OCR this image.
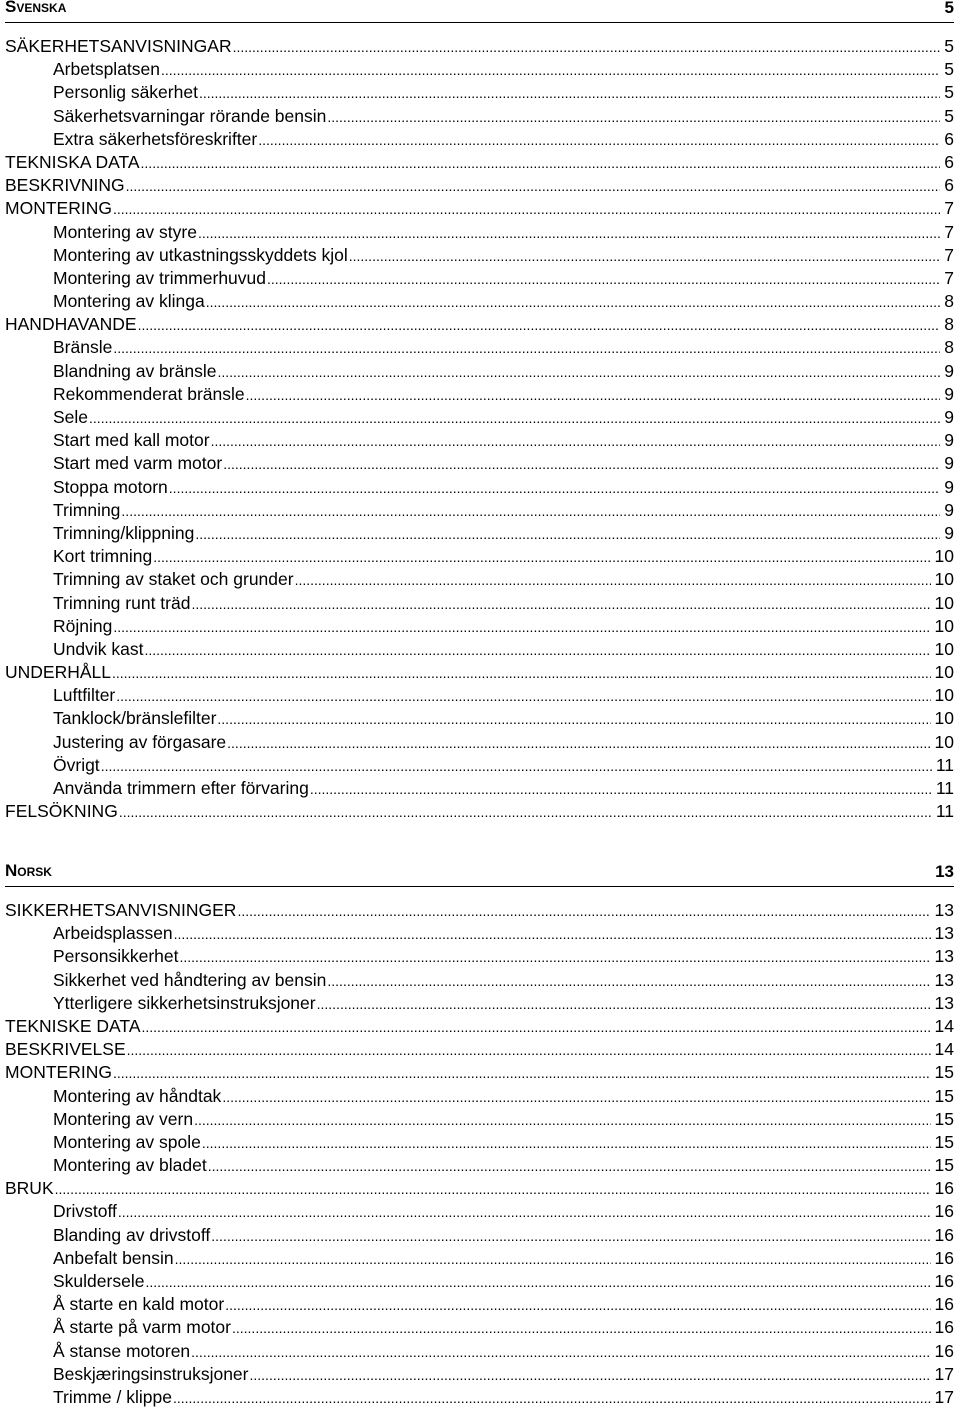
Svenska	5
SÄKERHETSANVISNINGAR .....	5
Arbetsplatsen .....	5
Personlig säkerhet .....	5
Säkerhetsvarningar rörande bensin .....	5
Extra säkerhetsföreskrifter .....	6
TEKNISKA DATA .....	6
BESKRIVNING .....	6
MONTERING .....	7
Montering av styre .....	7
Montering av utkastningsskyddets kjol .....	7
Montering av trimmerhuvud .....	7
Montering av klinga .....	8
HANDHAVANDE .....	8
Bränsle .....	8
Blandning av bränsle .....	9
Rekommenderat bränsle .....	9
Sele .....	9
Start med kall motor .....	9
Start med varm motor .....	9
Stoppa motorn .....	9
Trimning .....	9
Trimning/klippning .....	9
Kort trimning .....	10
Trimning av staket och grunder .....	10
Trimning runt träd .....	10
Röjning .....	10
Undvik kast .....	10
UNDERHÅLL .....	10
Luftfilter .....	10
Tanklock/bränslefilter .....	10
Justering av förgasare .....	10
Övrigt .....	11
Använda trimmern efter förvaring .....	11
FELSÖKNING .....	11
Norsk	13
SIKKERHETSANVISNINGER .....	13
Arbeidsplassen .....	13
Personsikkerhet .....	13
Sikkerhet ved håndtering av bensin .....	13
Ytterligere sikkerhetsinstruksjoner .....	13
TEKNISKE DATA .....	14
BESKRIVELSE .....	14
MONTERING .....	15
Montering av håndtak .....	15
Montering av vern .....	15
Montering av spole .....	15
Montering av bladet .....	15
BRUK .....	16
Drivstoff .....	16
Blanding av drivstoff .....	16
Anbefalt bensin .....	16
Skuldersele .....	16
Å starte en kald motor .....	16
Å starte på varm motor .....	16
Å stanse motoren .....	16
Beskjæringsinstruksjoner .....	17
Trimme / klippe .....	17
